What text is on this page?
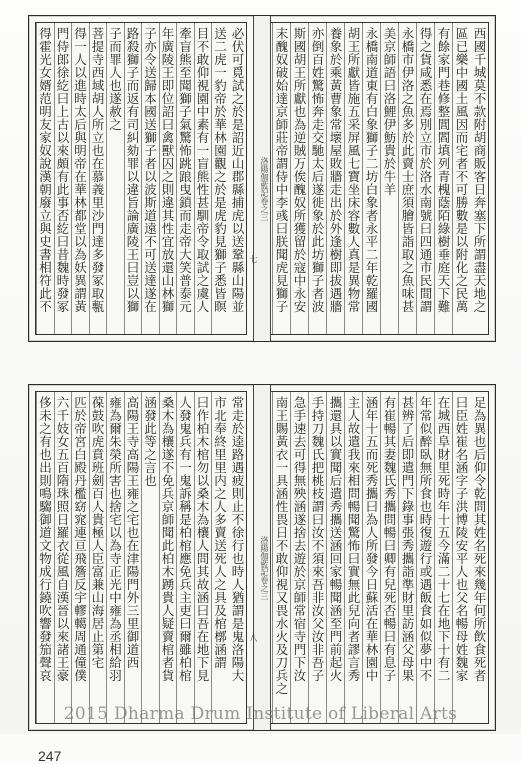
西國千城莫不款附胡商販客日奔塞下所謂盡天地之
區已樂中國土風因而宅者不可勝數是以附化之民萬
有餘家門巷修整閭閻填列青槐蔭陌綠樹垂庭天下難
得之貨咸悉在焉別立市於洛水南號曰四通市民間謂
永橋市伊洛之魚多於此賣士庶須膾皆詣取之魚味甚
美京師語曰洛鯉伊魴貴於牛羊
永橋南道東有白象獅子二坊白象者永平二年乾羅國
胡王所獻皆施五采屏風七寶坐床容數人真是異物常
養象於乘黃曹象常壞屋敗牆走出於外逢樹即拔遇牆
亦倒百姓驚怖奔走交馳太后遂徙象於此坊獅子者波
斯國胡王所獻也為逆賊万俟醜奴所獲留於寇中永安
末醜奴破始達京師莊帝謂侍中李彧曰朕聞虎見獅子
必伏可覓試之於是詔近山郡縣捕虎以送鞏縣山陽並
送二虎一豹帝於華林園觀之於是虎豹見獅子悉皆瞑
目不敢仰視園中素有一盲熊性甚馴帝令取試之虞人
牽盲熊至聞獅子氣驚怖跳踉曳鎖而走帝大笑普泰元
年廣陵王即位詔曰禽獸囚之則違其性宜放還山林獅
子亦令送歸本國送獅子者以波斯道遠不可送達遂在
路殺獅子而返有司糾劾罪以違旨論廣陵王曰豈以獅
子而罪人也遂赦之
菩提寺西域胡人所立也在慕義里沙門達多發冢取甎
得一人以進時太后與明帝在華林都堂以為妖異謂黃
門侍郎徐紇曰上古以來頗有此事否紇曰昔魏時發冢
得霍光女婿范明友家奴說漢朝廢立與史書相符此不	洛陽伽藍記卷之三
七
足為異也后仰令乾問其姓名死來幾年何所飲食死者
曰臣姓崔名涵字子洪博陵安平人也父名暢母姓魏家
在城西阜財里死時年十五今滿二十七在地下十有二
年常似醉臥無所食也時復遊行或遇飯食如似夢中不
甚辨了后即遣門下錄事張秀攜詣準財里訪涵父母果
有崔暢其妻魏氏秀攜問暢曰卿有兒死否暢曰有息子
涵年十五而死秀攜曰為人所發今日蘇活在華林園中
主人故遣我來相問暢聞驚怖曰實無此兒向者謬言秀
攜還具以實聞后遣秀攜送涵回家暢聞涵至門前起火
手持刀魏氏把桃枝謂曰汝不須來吾非汝父汝非吾子
急手速去可得無殃涵遂捨去遊於京師常宿寺門下汝
南王賜黃衣一具涵性畏日不敢仰視又畏水火及刀兵之
常走於逵路遇疲則止不徐行也時人猶謂是鬼洛陽大
市北奉終里里内之人多賣送死人之具及棺槨涵謂
曰作柏木棺勿以桑木為欀人問其故涵曰吾在地下見
人發鬼兵有一鬼訴稱是柏棺應免兵主吏曰爾雖柏棺
桑木為欀遂不免兵京師聞此柏木踴貴人疑賣棺者貨
涵發此等之言也
高陽王寺高陽王雍之宅也在津陽門外三里御道西
雍為爾朱榮所害也捨宅以為寺正光中雍為丞相給羽
葆鼓吹虎賁班劍百人貴極人臣富兼山海居止第宅
匹於帝宮白殿丹檻窈窕連亘飛簷反宇轇轕周通僮僕
六千妓女五百隋珠照日羅衣從風自漢晉以來諸王豪
侈未之有也出則鳴騶御道文物成行鐃吹響發笳聲哀	洛陽伽藍記卷之三
八
247
2015 Dharma Drum Institute of Liberal Arts
